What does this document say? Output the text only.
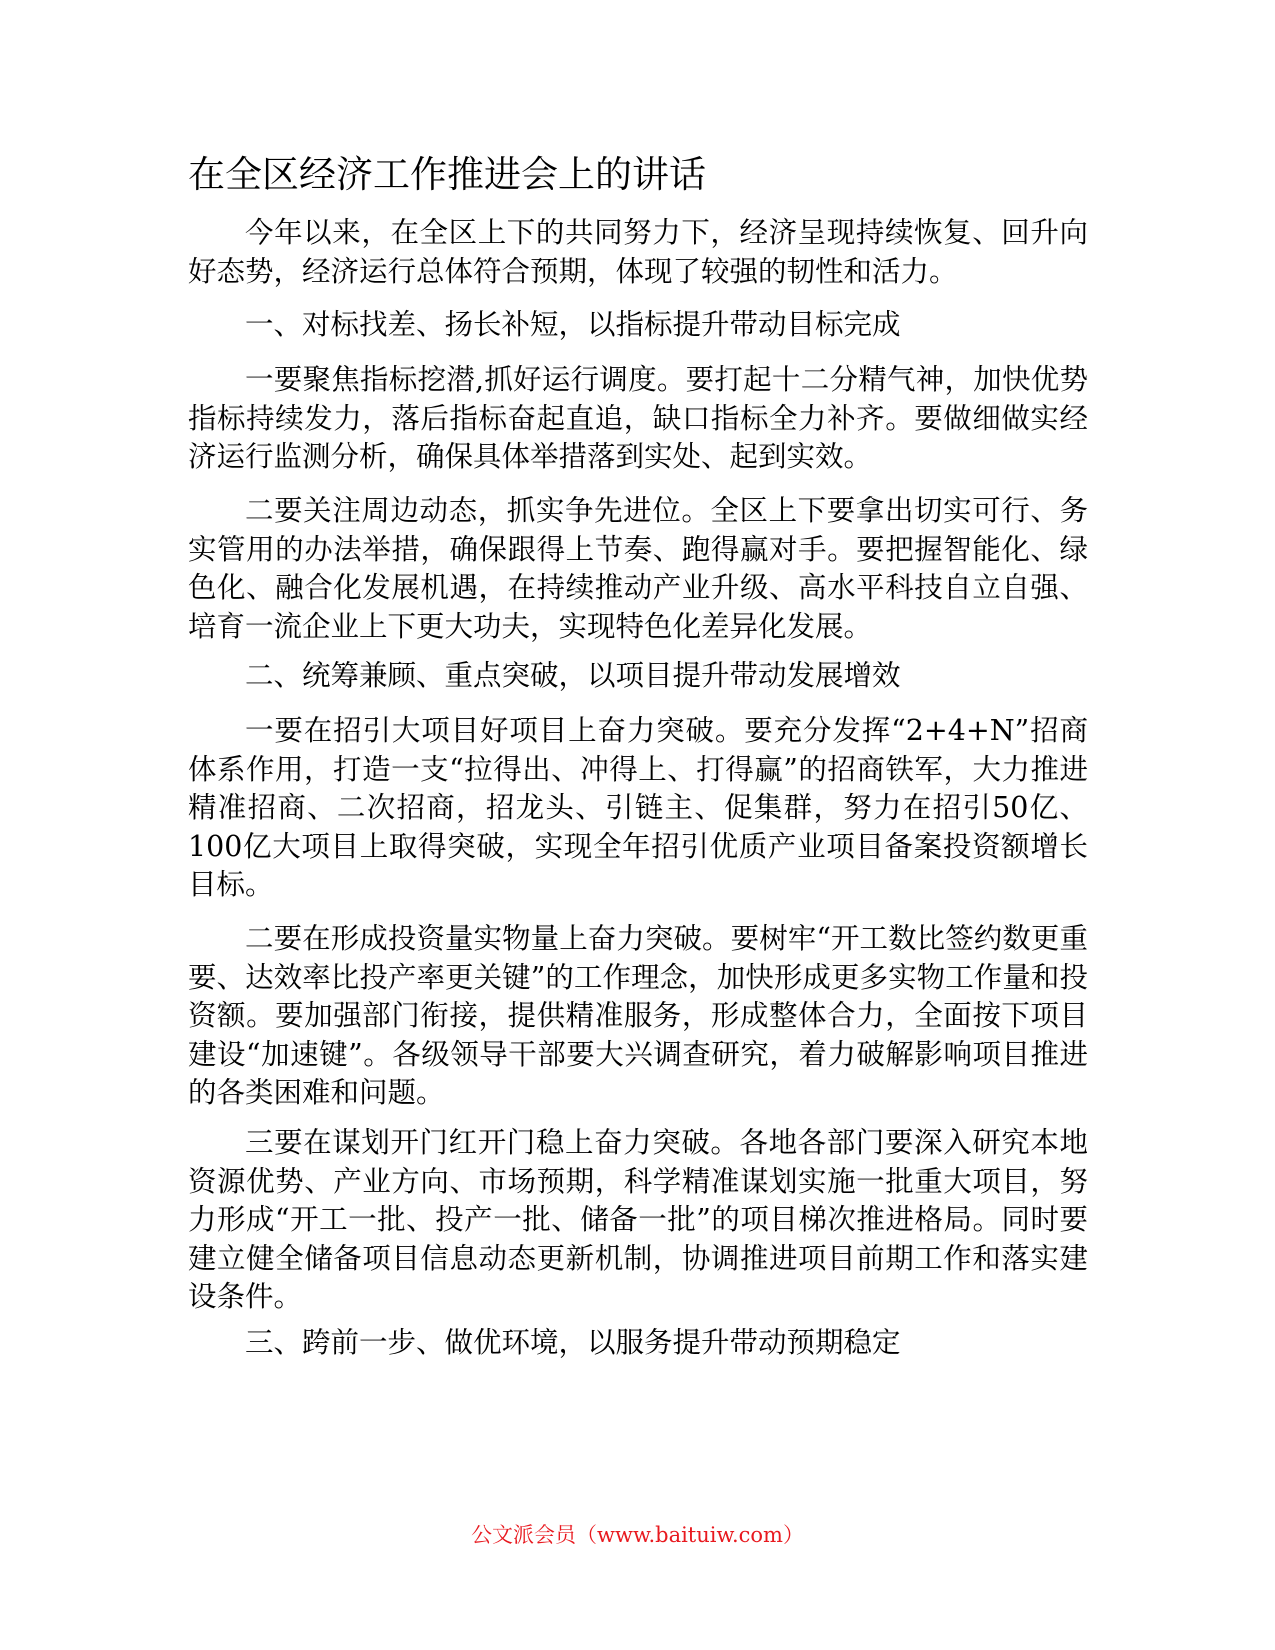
在全区经济工作推进会上的讲话

今年以来，在全区上下的共同努力下，经济呈现持续恢复、回升向好态势，经济运行总体符合预期，体现了较强的韧性和活力。

一、对标找差、扬长补短，以指标提升带动目标完成

一要聚焦指标挖潜,抓好运行调度。要打起十二分精气神，加快优势指标持续发力，落后指标奋起直追，缺口指标全力补齐。要做细做实经济运行监测分析，确保具体举措落到实处、起到实效。

二要关注周边动态，抓实争先进位。全区上下要拿出切实可行、务实管用的办法举措，确保跟得上节奏、跑得赢对手。要把握智能化、绿色化、融合化发展机遇，在持续推动产业升级、高水平科技自立自强、培育一流企业上下更大功夫，实现特色化差异化发展。

二、统筹兼顾、重点突破，以项目提升带动发展增效

一要在招引大项目好项目上奋力突破。要充分发挥“2+4+N”招商体系作用，打造一支“拉得出、冲得上、打得赢”的招商铁军，大力推进精准招商、二次招商，招龙头、引链主、促集群，努力在招引50亿、100亿大项目上取得突破，实现全年招引优质产业项目备案投资额增长目标。

二要在形成投资量实物量上奋力突破。要树牢“开工数比签约数更重要、达效率比投产率更关键”的工作理念，加快形成更多实物工作量和投资额。要加强部门衔接，提供精准服务，形成整体合力，全面按下项目建设“加速键”。各级领导干部要大兴调查研究，着力破解影响项目推进的各类困难和问题。

三要在谋划开门红开门稳上奋力突破。各地各部门要深入研究本地资源优势、产业方向、市场预期，科学精准谋划实施一批重大项目，努力形成“开工一批、投产一批、储备一批”的项目梯次推进格局。同时要建立健全储备项目信息动态更新机制，协调推进项目前期工作和落实建设条件。

三、跨前一步、做优环境，以服务提升带动预期稳定

公文派会员（www.baituiw.com）
